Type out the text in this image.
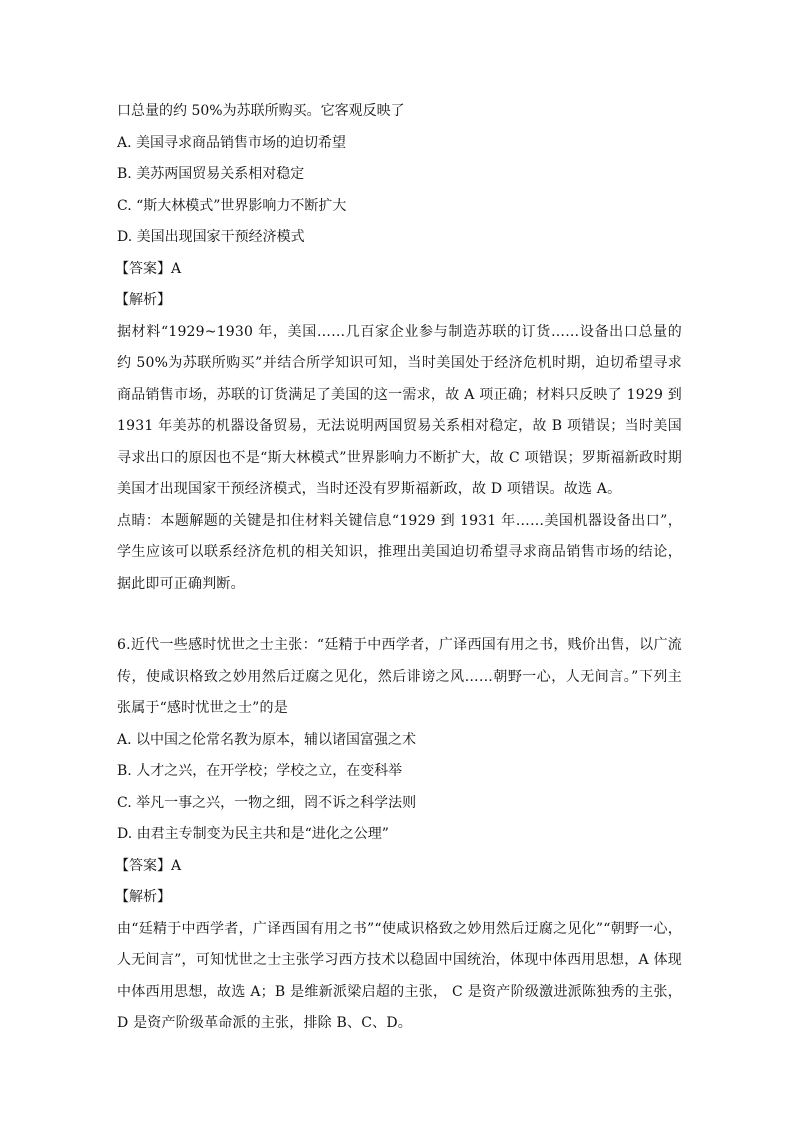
口总量的约 50%为苏联所购买。它客观反映了
A. 美国寻求商品销售市场的迫切希望
B. 美苏两国贸易关系相对稳定
C. “斯大林模式”世界影响力不断扩大
D. 美国出现国家干预经济模式
【答案】A
【解析】
据材料“1929~1930 年，美国……几百家企业参与制造苏联的订货……设备出口总量的约 50%为苏联所购买”并结合所学知识可知，当时美国处于经济危机时期，迫切希望寻求商品销售市场，苏联的订货满足了美国的这一需求，故 A 项正确；材料只反映了 1929 到 1931 年美苏的机器设备贸易，无法说明两国贸易关系相对稳定，故 B 项错误；当时美国寻求出口的原因也不是“斯大林模式”世界影响力不断扩大，故 C 项错误；罗斯福新政时期美国才出现国家干预经济模式，当时还没有罗斯福新政，故 D 项错误。故选 A。
点睛：本题解题的关键是扣住材料关键信息“1929 到 1931 年……美国机器设备出口”，学生应该可以联系经济危机的相关知识，推理出美国迫切希望寻求商品销售市场的结论，据此即可正确判断。
6.近代一些感时忧世之士主张：“廷精于中西学者，广译西国有用之书，贱价出售，以广流传，使咸识格致之妙用然后迂腐之见化，然后诽谤之风……朝野一心，人无间言。”下列主张属于“感时忧世之士”的是
A. 以中国之伦常名教为原本，辅以诸国富强之术
B. 人才之兴，在开学校；学校之立，在变科举
C. 举凡一事之兴，一物之细，罔不诉之科学法则
D. 由君主专制变为民主共和是“进化之公理”
【答案】A
【解析】
由“廷精于中西学者，广译西国有用之书”“使咸识格致之妙用然后迂腐之见化”“朝野一心，人无间言”，可知忧世之士主张学习西方技术以稳固中国统治，体现中体西用思想，A 体现中体西用思想，故选 A；B 是维新派梁启超的主张， C 是资产阶级激进派陈独秀的主张，D 是资产阶级革命派的主张，排除 B、C、D。
